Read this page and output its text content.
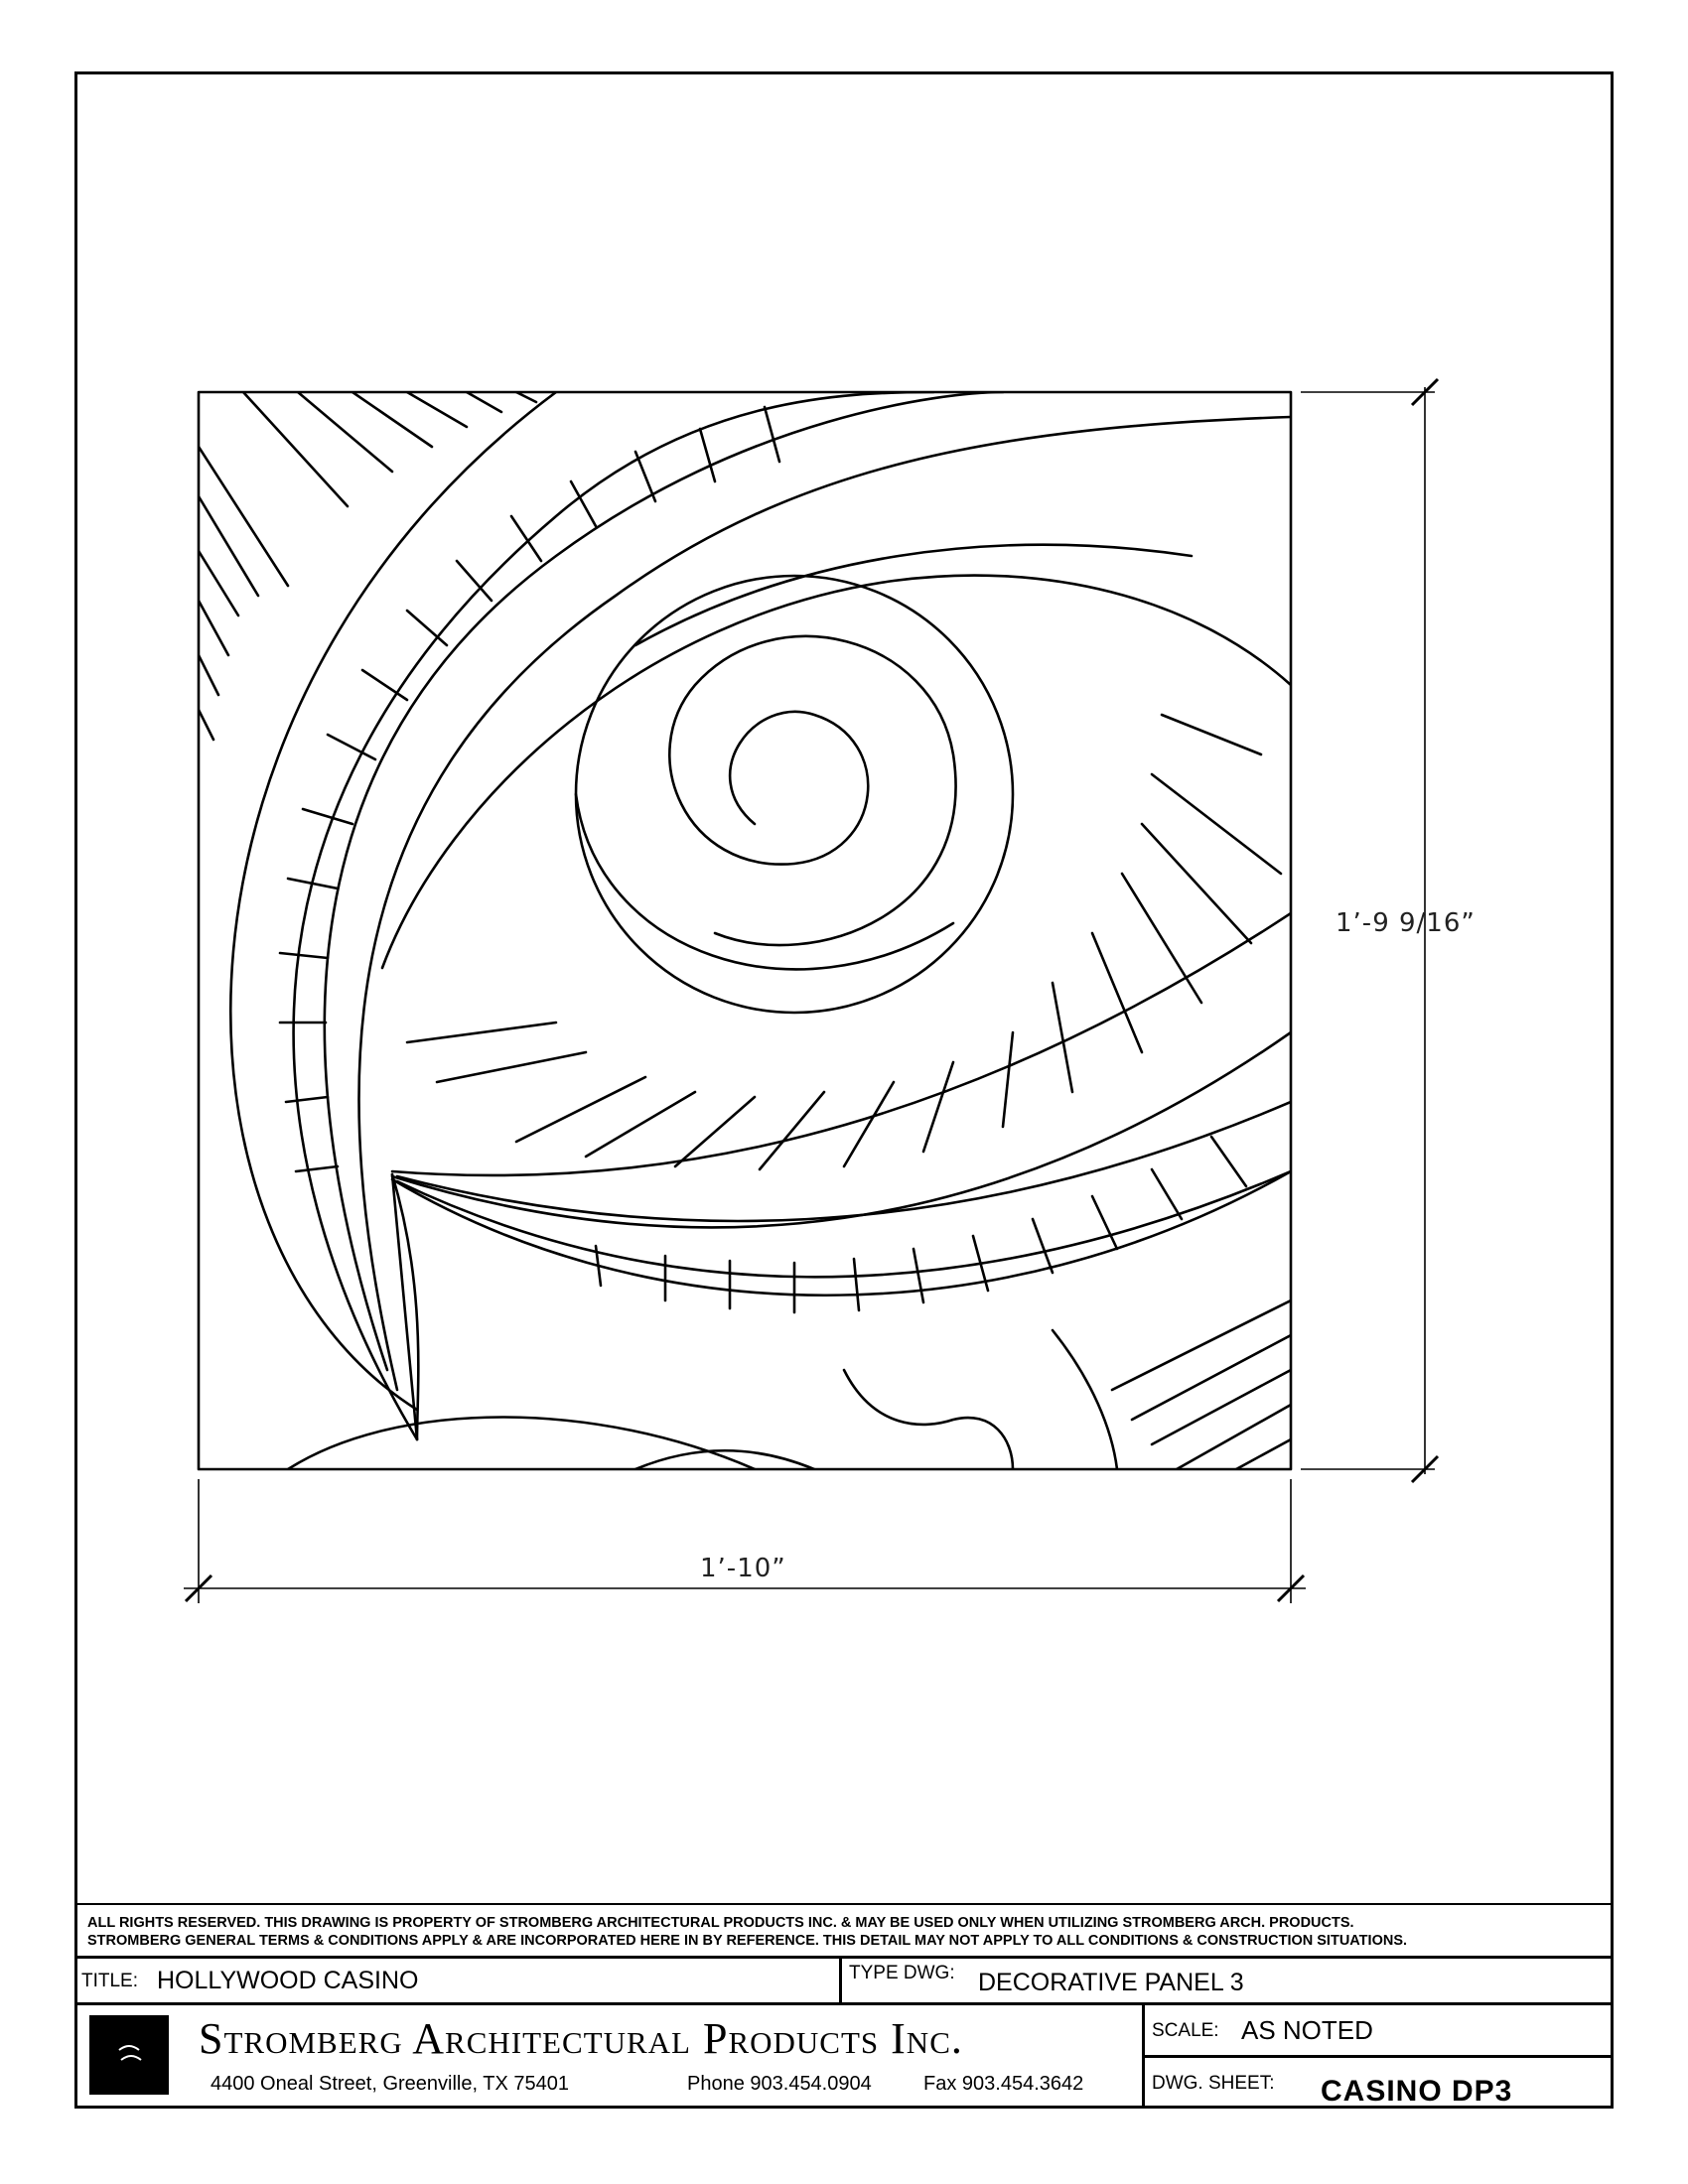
1’-9 9/16”
1’-10”
ALL RIGHTS RESERVED. THIS DRAWING IS PROPERTY OF STROMBERG ARCHITECTURAL PRODUCTS INC. & MAY BE USED ONLY WHEN UTILIZING STROMBERG ARCH. PRODUCTS.
STROMBERG GENERAL TERMS & CONDITIONS APPLY & ARE INCORPORATED HERE IN BY REFERENCE. THIS DETAIL MAY NOT APPLY TO ALL CONDITIONS & CONSTRUCTION SITUATIONS.
TITLE: HOLLYWOOD CASINO	TYPE DWG: DECORATIVE PANEL 3
Stromberg Architectural Products Inc.
4400 Oneal Street, Greenville, TX 75401	Phone 903.454.0904	Fax 903.454.3642
SCALE: AS NOTED
DWG. SHEET: CASINO DP3
